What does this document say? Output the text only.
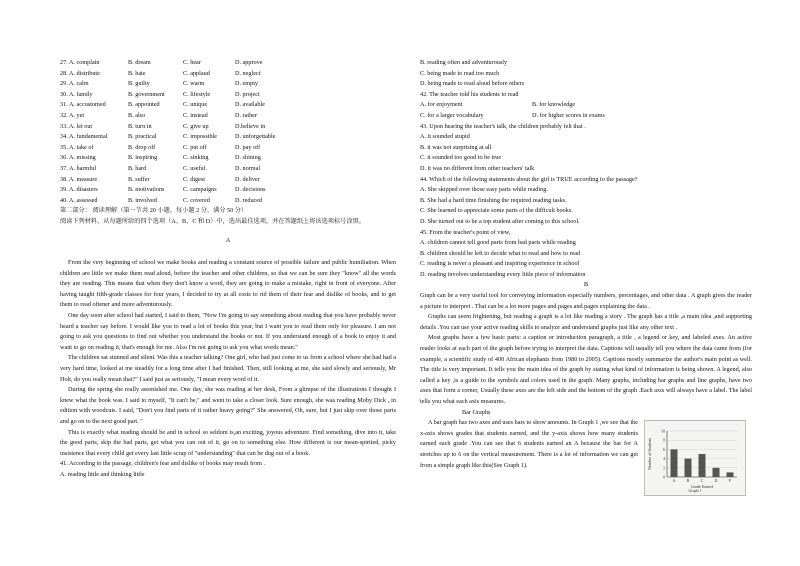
27. A. complain	B. dream	C. hear	D. approve
28. A. distribute	B. hate	C. applaud	D. neglect
29. A. calm	B. guilty	C. warm	D. empty
30. A. family	B. government	C. lifestyle	D. project
31. A. accustomed	B. appointed	C. unique	D. available
32. A. yet	B. also	C. instead	D. rather
33. A. let out	B. turn in	C. give up	D.believe in
34. A. fundamental	B. practical	C. impossible	D. unforgettable
35. A. take of	B. drop off	C. put off	D. pay off
36. A. missing	B. inspiring	C. sinking	D. shining
37. A. harmful	B. hard	C. useful	D. normal
38. A. measure	B. suffer	C. digest	D. deliver
39. A. disasters	B. motivations	C. campaigns	D. decisions
40. A. assessed	B. involved	C. covered	D. reduced
第二部分： 阅读理解（第一节共 20 小题，每小题 2 分，满分 50 分）
阅读下列材料，从每题所给的四个选项（A、B、C 和 D）中，选出最佳选项，并在答题纸上将该选项标号涂黑。
A

From the very beginning of school we make books and reading a constant source of possible failure and public humiliation. When children are little we make them read aloud, before the teacher and other children, so that we can be sure they "know" all the words they are reading. This means that when they don't know a word, they are going to make a mistake, right in front of everyone. After having taught fifth-grade classes for four years, I decided to try at all costs to rid them of their fear and dislike of books, and to get them to read oftener and more adventurously.

One day soon after school had started, I said to them, "Now I'm going to say something about reading that you have probably never heard a teacher say before. I would like you to read a lot of books this year, but I want you to read them only for pleasure. I am not going to ask you questions to find out whether you understand the books or not. If you understand enough of a book to enjoy it and want to go on reading it, that's enough for me. Also I'm not going to ask you what words mean."

The children sat stunned and silent. Was this a teacher talking? One girl, who had just come to us from a school where she had had a very hard time, looked at me steadily for a long time after I had finished. Then, still looking at me, she said slowly and seriously, Mr Holt, do you really mean that?" I said just as seriously, "I mean every word of it.

During the spring she really astonished me. One day, she was reading at her desk, From a glimpse of the illustrations I thought I knew what the book was. I said to myself, "It can't be," and went to take a closer look. Sure enough, she was reading Moby Dick , in edition with woodcuts. I said, "Don't you find parts of it rather heavy going?" She answered, Oh, sure, but I just skip over those parts and go on to the next good part. "

This is exactly what reading should be and in school so seldom is,an exciting, joyous adventure. Find something, dive into it, take the good parts, skip the bad parts, get what you can out of it, go on to something else. How different is our mean-spirited, picky insistence that every child get every last little scrap of "understanding" that can be dug out of a book.

41. According to the passage, children's fear and dislike of books may result from .
A. reading little and thinking little
B. reading often and adventurously
C. being made to read too much
D. being made to read aloud before others
42. The teacher told his students to read
A. for enjoyment	B. for knowledge
C. for a larger vocabulary	D. for higher scores in exams
43. Upon hearing the teacher's talk, the children probably felt that .
A. it sounded stupid
B. it was not surprising at all
C. it sounded too good to be true
D. it was no different from other teachers' talk
44. Which of the following statements about the girl is TRUE according to the passage?
A. She skipped over those easy parts while reading.
B. She had a hard time finishing the required reading tasks.
C. She learned to appreciate some parts of the difficult books.
D. She turned out to be a top student after coming to this school.
45. From the teacher's point of view,
A. children cannot tell good parts from bad parts while reading
B. children should be left to decide what to read and how to read
C. reading is never a pleasant and inspiring experience in school
D. reading involves understanding every little piece of information
B

Graph can be a very useful tool for conveying information especially numbers, percentages, and other data . A graph gives the reader a picture to interpret . That can be a lot more pages and pages and pages explaining the data .

Graphs can seem frightening, but reading a graph is a lot like reading a story . The graph has a title ,a main idea ,and supporting details .You can use your active reading skills to analyze and understand graphs just like any other text .

Most graphs have a few basic parts: a caption or introduction paragraph, a title , a legend or key, and labeled axes. An active reader looks at each part of the graph before trying to interpret the data. Captions will usually tell you where the data came from (for example, a scientific study of 400 African elephants from 1980 to 2005). Captions mostly summarize the author's main point as well. The title is very important. It tells you the main idea of the graph by stating what kind of information is being shown. A legend, also called a key ,is a guide to the symbols and colors used in the graph. Many graphs, including bar graphs and line graphs, have two axes that form a corner, Usually these axes are the left side and the bottom of the graph .Each axis will always have a label. The label tells you what each axis measures.

Bar Graphs

A bar graph has two axes and uses bars to show amounts. In Graph 1 ,we see that the x-axis shows grades that students earned, and the y-axis shows how many students earned each grade .You can see that 6 students earned an A because the bar for A stretches up to 6 on the vertical measurement. There is a lot of information we can get from a simple graph like this(See Graph 1).

0
2
4
6
8
10
A	B	C	D	F
Grade Earned
Number of Students
Graph 1
